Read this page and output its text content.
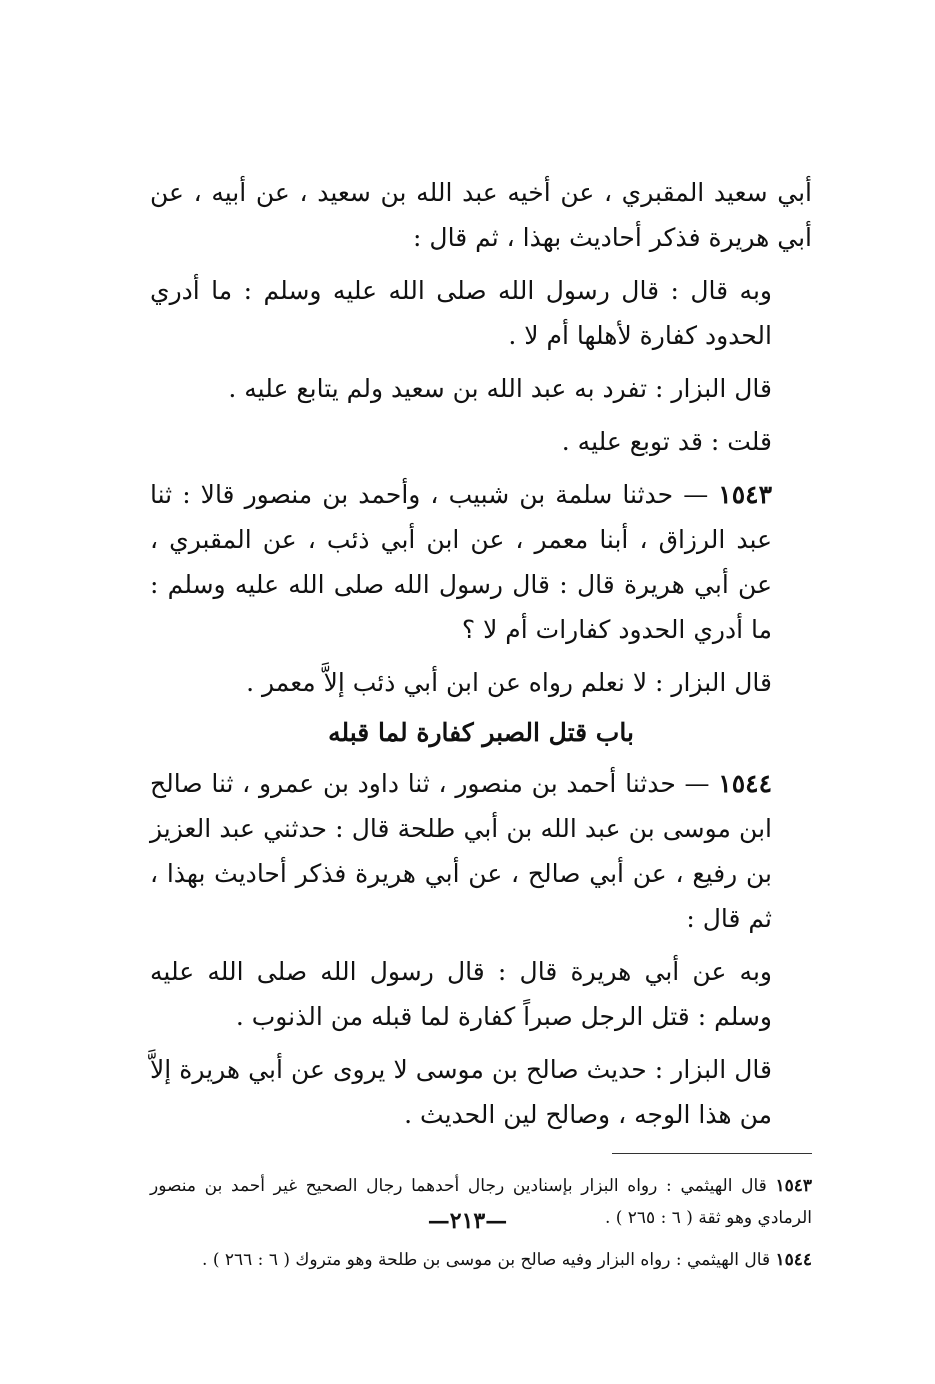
أبي سعيد المقبري ، عن أخيه عبد الله بن سعيد ، عن أبيه ، عن أبي هريرة فذكر أحاديث بهذا ، ثم قال :

وبه قال : قال رسول الله صلى الله عليه وسلم : ما أدري الحدود كفارة لأهلها أم لا .

قال البزار : تفرد به عبد الله بن سعيد ولم يتابع عليه .

قلت : قد توبع عليه .

١٥٤٣ — حدثنا سلمة بن شبيب ، وأحمد بن منصور قالا : ثنا عبد الرزاق ، أبنا معمر ، عن ابن أبي ذئب ، عن المقبري ، عن أبي هريرة قال : قال رسول الله صلى الله عليه وسلم : ما أدري الحدود كفارات أم لا ؟

قال البزار : لا نعلم رواه عن ابن أبي ذئب إلاَّ معمر .

باب قتل الصبر كفارة لما قبله

١٥٤٤ — حدثنا أحمد بن منصور ، ثنا داود بن عمرو ، ثنا صالح ابن موسى بن عبد الله بن أبي طلحة قال : حدثني عبد العزيز بن رفيع ، عن أبي صالح ، عن أبي هريرة فذكر أحاديث بهذا ، ثم قال :

وبه عن أبي هريرة قال : قال رسول الله صلى الله عليه وسلم : قتل الرجل صبراً كفارة لما قبله من الذنوب .

قال البزار : حديث صالح بن موسى لا يروى عن أبي هريرة إلاَّ من هذا الوجه ، وصالح لين الحديث .

١٥٤٣ قال الهيثمي : رواه البزار بإسنادين رجال أحدهما رجال الصحيح غير أحمد بن منصور الرمادي وهو ثقة ( ٦ : ٢٦٥ ) .

١٥٤٤ قال الهيثمي : رواه البزار وفيه صالح بن موسى بن طلحة وهو متروك ( ٦ : ٢٦٦ ) .

—٢١٣—
